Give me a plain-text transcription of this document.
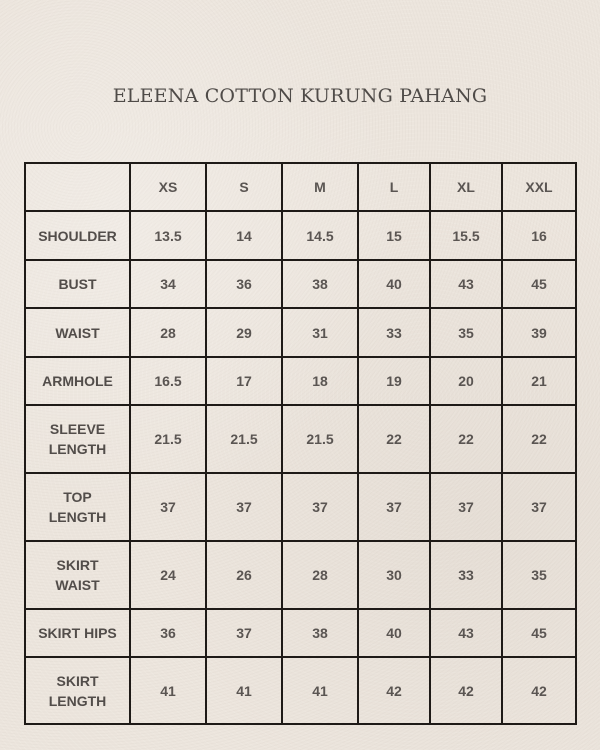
ELEENA COTTON KURUNG PAHANG
	XS	S	M	L	XL	XXL
SHOULDER	13.5	14	14.5	15	15.5	16
BUST	34	36	38	40	43	45
WAIST	28	29	31	33	35	39
ARMHOLE	16.5	17	18	19	20	21
SLEEVE
LENGTH	21.5	21.5	21.5	22	22	22
TOP
LENGTH	37	37	37	37	37	37
SKIRT
WAIST	24	26	28	30	33	35
SKIRT HIPS	36	37	38	40	43	45
SKIRT
LENGTH	41	41	41	42	42	42
